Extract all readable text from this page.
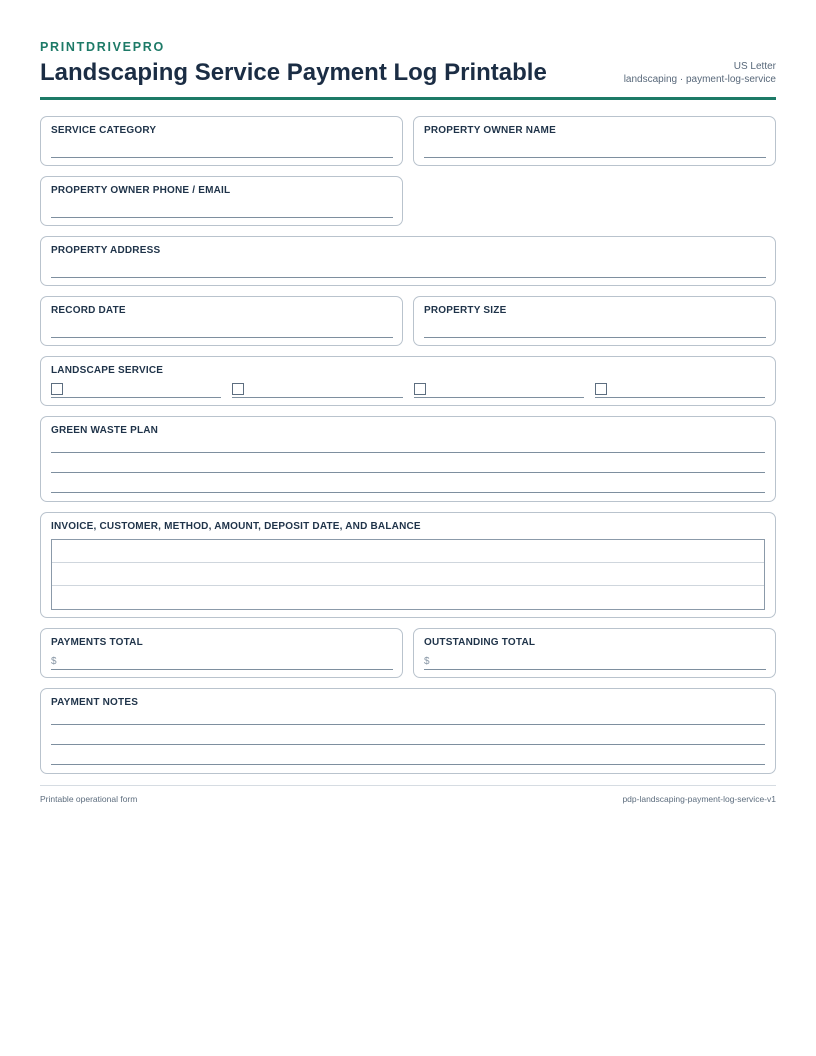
PRINTDRIVEPRO
Landscaping Service Payment Log Printable	US Letter
landscaping · payment-log-service
SERVICE CATEGORY	PROPERTY OWNER NAME
PROPERTY OWNER PHONE / EMAIL
PROPERTY ADDRESS
RECORD DATE	PROPERTY SIZE
LANDSCAPE SERVICE
GREEN WASTE PLAN
INVOICE, CUSTOMER, METHOD, AMOUNT, DEPOSIT DATE, AND BALANCE
PAYMENTS TOTAL
$
OUTSTANDING TOTAL
$
PAYMENT NOTES
Printable operational form	pdp-landscaping-payment-log-service-v1
